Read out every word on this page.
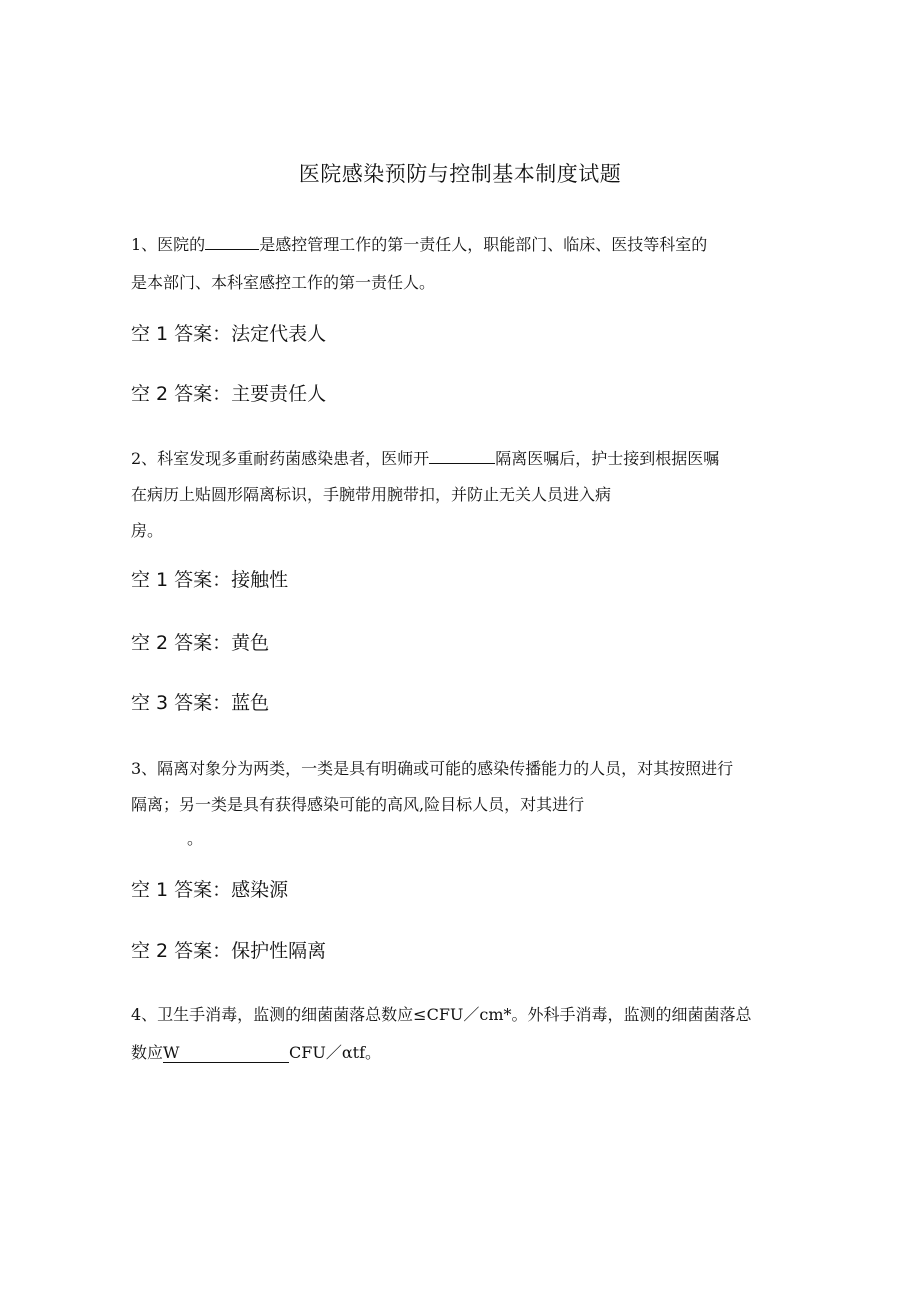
医院感染预防与控制基本制度试题
1、医院的	是感控管理工作的第一责任人，职能部门、临床、医技等科室的
是本部门、本科室感控工作的第一责任人。
空 1 答案：法定代表人
空 2 答案：主要责任人
2、科室发现多重耐药菌感染患者，医师开	隔离医嘱后，护士接到根据医嘱
在病历上贴圆形隔离标识，手腕带用腕带扣，并防止无关人员进入病
房。
空 1 答案：接触性
空 2 答案：黄色
空 3 答案：蓝色
3、隔离对象分为两类，一类是具有明确或可能的感染传播能力的人员，对其按照进行
隔离；另一类是具有获得感染可能的高风,险目标人员，对其进行
。
空 1 答案：感染源
空 2 答案：保护性隔离
4、卫生手消毒，监测的细菌菌落总数应≤CFU／cm*。外科手消毒，监测的细菌菌落总
数应W	CFU／αtf。
